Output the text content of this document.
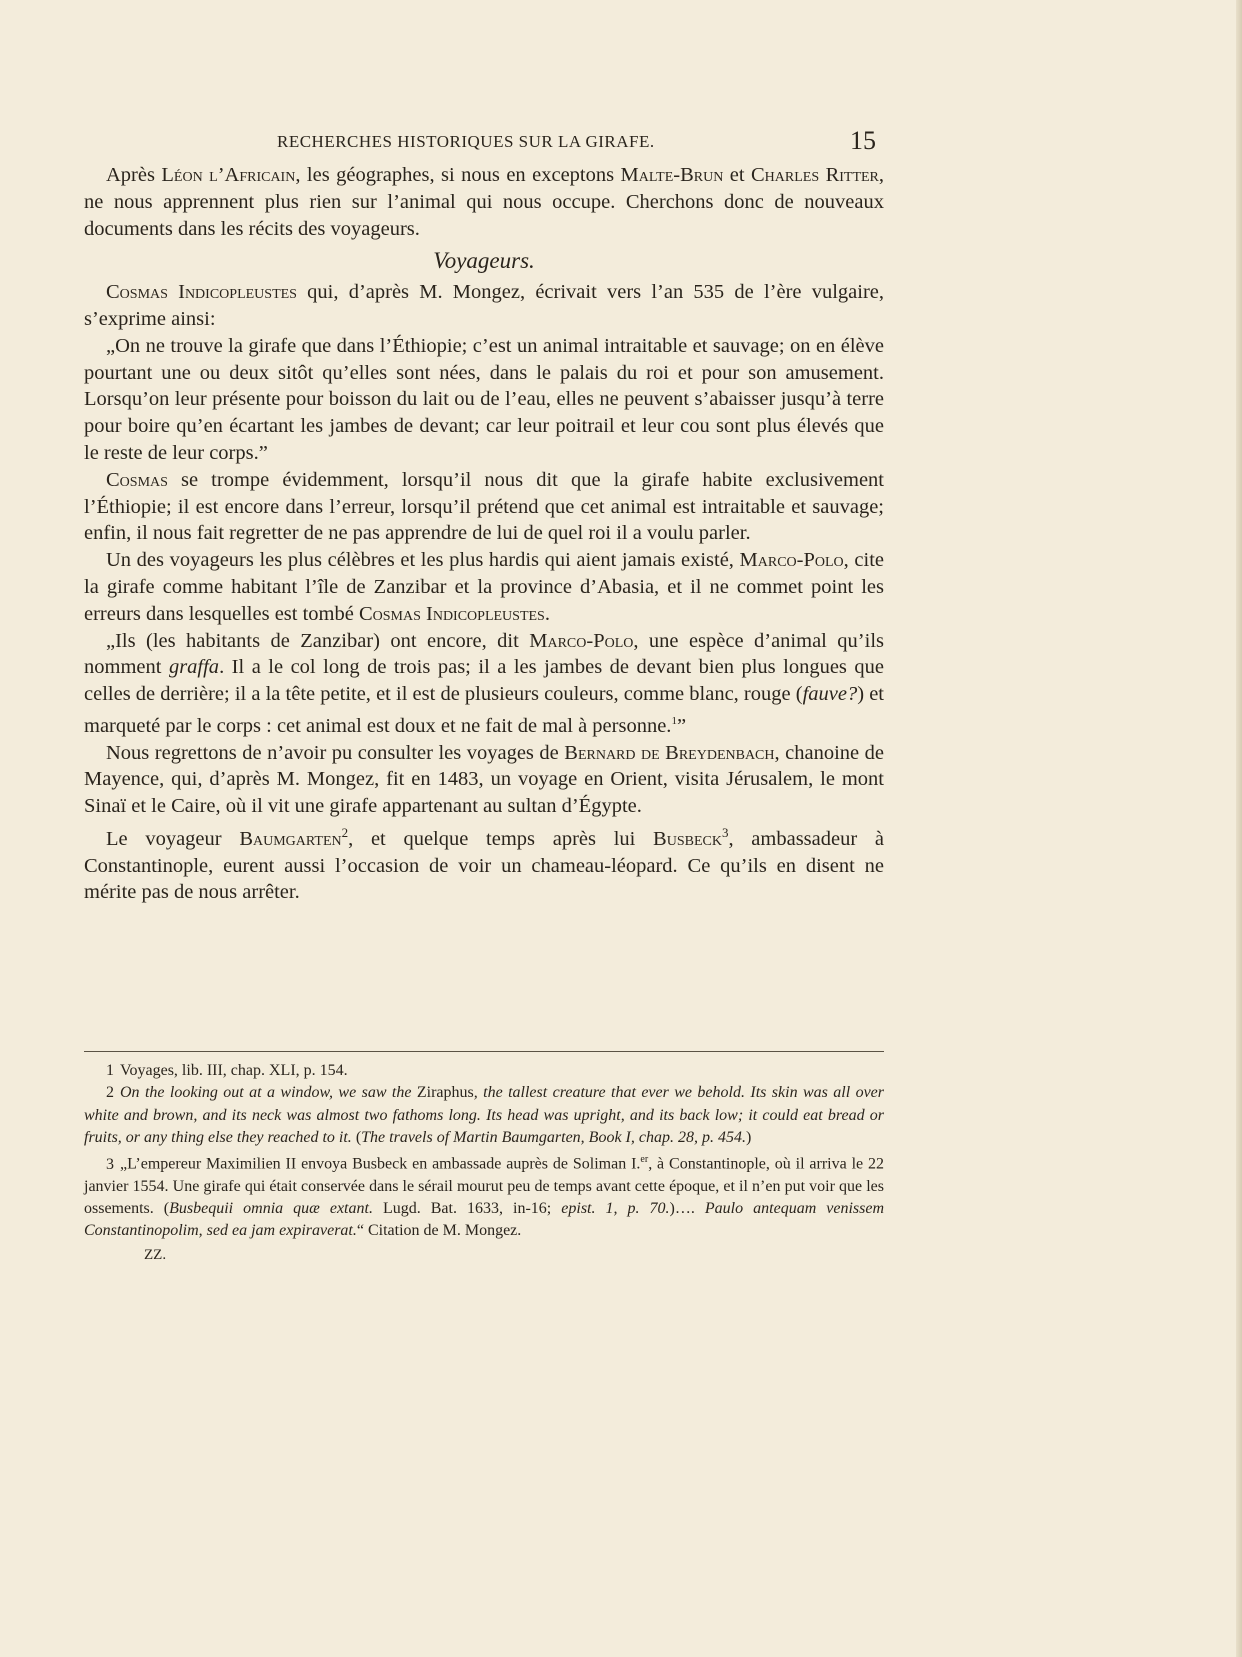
RECHERCHES HISTORIQUES SUR LA GIRAFE.	15

Après Léon l’Africain, les géographes, si nous en exceptons Malte-Brun et Charles Ritter, ne nous apprennent plus rien sur l’animal qui nous occupe. Cherchons donc de nouveaux documents dans les récits des voyageurs.

Voyageurs.

Cosmas Indicopleustes qui, d’après M. Mongez, écrivait vers l’an 535 de l’ère vulgaire, s’exprime ainsi:

„On ne trouve la girafe que dans l’Éthiopie; c’est un animal intraitable et sauvage; on en élève pourtant une ou deux sitôt qu’elles sont nées, dans le palais du roi et pour son amusement. Lorsqu’on leur présente pour boisson du lait ou de l’eau, elles ne peuvent s’abaisser jusqu’à terre pour boire qu’en écartant les jambes de devant; car leur poitrail et leur cou sont plus élevés que le reste de leur corps.”

Cosmas se trompe évidemment, lorsqu’il nous dit que la girafe habite exclusivement l’Éthiopie; il est encore dans l’erreur, lorsqu’il prétend que cet animal est intraitable et sauvage; enfin, il nous fait regretter de ne pas apprendre de lui de quel roi il a voulu parler.

Un des voyageurs les plus célèbres et les plus hardis qui aient jamais existé, Marco-Polo, cite la girafe comme habitant l’île de Zanzibar et la province d’Abasia, et il ne commet point les erreurs dans lesquelles est tombé Cosmas Indicopleustes.

„Ils (les habitants de Zanzibar) ont encore, dit Marco-Polo, une espèce d’animal qu’ils nomment graffa. Il a le col long de trois pas; il a les jambes de devant bien plus longues que celles de derrière; il a la tête petite, et il est de plusieurs couleurs, comme blanc, rouge (fauve?) et marqueté par le corps : cet animal est doux et ne fait de mal à personne.$^1$”

Nous regrettons de n’avoir pu consulter les voyages de Bernard de Breydenbach, chanoine de Mayence, qui, d’après M. Mongez, fit en 1483, un voyage en Orient, visita Jérusalem, le mont Sinaï et le Caire, où il vit une girafe appartenant au sultan d’Égypte.

Le voyageur Baumgarten$^2$, et quelque temps après lui Busbeck$^3$, ambassadeur à Constantinople, eurent aussi l’occasion de voir un chameau-léopard. Ce qu’ils en disent ne mérite pas de nous arrêter.

1 Voyages, lib. III, chap. XLI, p. 154.

2 On the looking out at a window, we saw the Ziraphus, the tallest creature that ever we behold. Its skin was all over white and brown, and its neck was almost two fathoms long. Its head was upright, and its back low; it could eat bread or fruits, or any thing else they reached to it. (The travels of Martin Baumgarten, Book I, chap. 28, p. 454.)

3 „L’empereur Maximilien II envoya Busbeck en ambassade auprès de Soliman I.$^{er}$, à Constantinople, où il arriva le 22 janvier 1554. Une girafe qui était conservée dans le sérail mourut peu de temps avant cette époque, et il n’en put voir que les ossements. (Busbequii omnia quæ extant. Lugd. Bat. 1633, in-16; epist. 1, p. 70.)…. Paulo antequam venissem Constantinopolim, sed ea jam expiraverat.“ Citation de M. Mongez.

ZZ.
